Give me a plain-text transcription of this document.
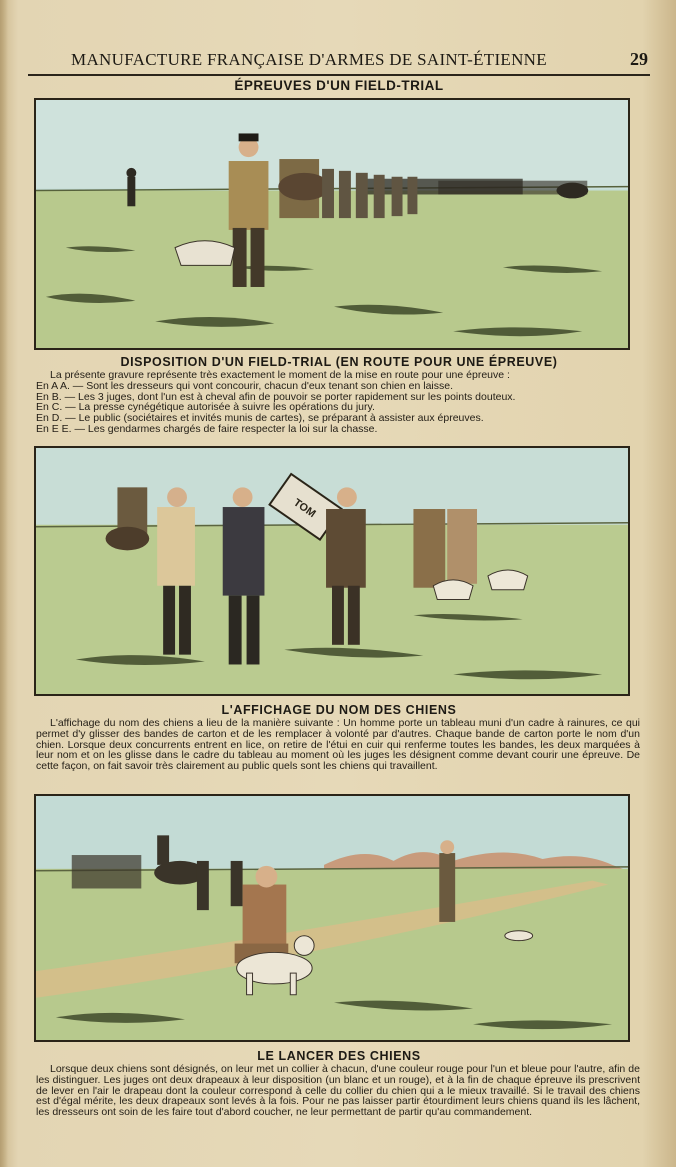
MANUFACTURE FRANÇAISE D'ARMES DE SAINT-ÉTIENNE	29
ÉPREUVES D'UN FIELD-TRIAL
DISPOSITION D'UN FIELD-TRIAL (EN ROUTE POUR UNE ÉPREUVE)

La présente gravure représente très exactement le moment de la mise en route pour une épreuve :

En A A. — Sont les dresseurs qui vont concourir, chacun d'eux tenant son chien en laisse.

En B. — Les 3 juges, dont l'un est à cheval afin de pouvoir se porter rapidement sur les points douteux.

En C. — La presse cynégétique autorisée à suivre les opérations du jury.

En D. — Le public (sociétaires et invités munis de cartes), se préparant à assister aux épreuves.

En E E. — Les gendarmes chargés de faire respecter la loi sur la chasse.

TOM
L'AFFICHAGE DU NOM DES CHIENS

L'affichage du nom des chiens a lieu de la manière suivante : Un homme porte un tableau muni d'un cadre à rainures, ce qui permet d'y glisser des bandes de carton et de les remplacer à volonté par d'autres. Chaque bande de carton porte le nom d'un chien. Lorsque deux concurrents entrent en lice, on retire de l'étui en cuir qui renferme toutes les bandes, les deux marquées à leur nom et on les glisse dans le cadre du tableau au moment où les juges les désignent comme devant courir une épreuve. De cette façon, on fait savoir très clairement au public quels sont les chiens qui travaillent.

LE LANCER DES CHIENS

Lorsque deux chiens sont désignés, on leur met un collier à chacun, d'une couleur rouge pour l'un et bleue pour l'autre, afin de les distinguer. Les juges ont deux drapeaux à leur disposition (un blanc et un rouge), et à la fin de chaque épreuve ils prescrivent de lever en l'air le drapeau dont la couleur correspond à celle du collier du chien qui a le mieux travaillé. Si le travail des chiens est d'égal mérite, les deux drapeaux sont levés à la fois. Pour ne pas laisser partir étourdiment leurs chiens quand ils les lâchent, les dresseurs ont soin de les faire tout d'abord coucher, ne leur permettant de partir qu'au commandement.
